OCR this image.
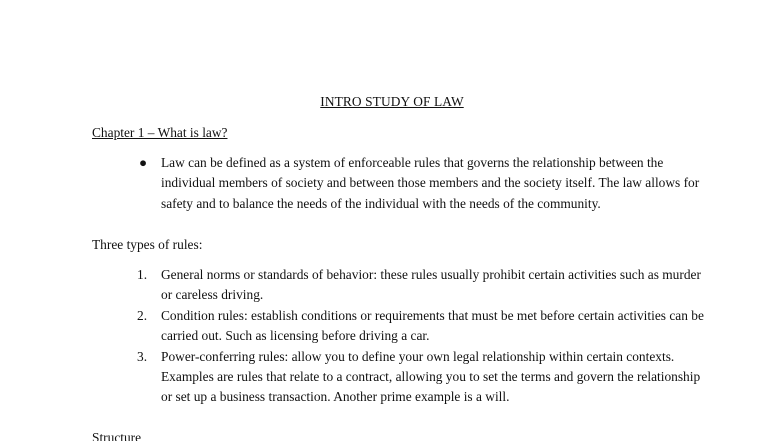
INTRO STUDY OF LAW
Chapter 1 – What is law?
● Law can be defined as a system of enforceable rules that governs the relationship between the individual members of society and between those members and the society itself. The law allows for safety and to balance the needs of the individual with the needs of the community.
Three types of rules:
1. General norms or standards of behavior: these rules usually prohibit certain activities such as murder or careless driving.
2. Condition rules: establish conditions or requirements that must be met before certain activities can be carried out. Such as licensing before driving a car.
3. Power-conferring rules: allow you to define your own legal relationship within certain contexts. Examples are rules that relate to a contract, allowing you to set the terms and govern the relationship or set up a business transaction. Another prime example is a will.
Structure
